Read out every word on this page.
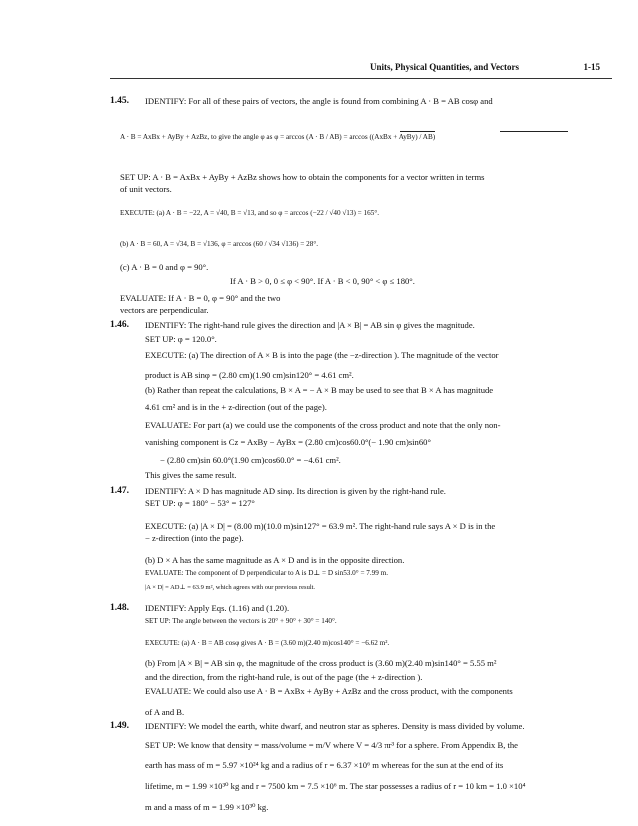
Units, Physical Quantities, and Vectors	1-15
1.45. IDENTIFY: For all of these pairs of vectors, the angle is found from combining A · B = AB cosφ and
A · B = AxBx + AyBy + AzBz, to give the angle φ as φ = arccos (A · B / AB) = arccos ((AxBx + AyBy) / AB)
SET UP: A · B = AxBx + AyBy + AzBz shows how to obtain the components for a vector written in terms
of unit vectors.
EXECUTE: (a) A · B = −22, A = √40, B = √13, and so φ = arccos (−22 / √40 √13) = 165°.
(b) A · B = 60, A = √34, B = √136, φ = arccos (60 / √34 √136) = 28°.
(c) A · B = 0 and φ = 90°.
If A · B > 0, 0 ≤ φ < 90°. If A · B < 0, 90° < φ ≤ 180°.
EVALUATE: If A · B = 0, φ = 90° and the two
vectors are perpendicular.
1.46. IDENTIFY: The right-hand rule gives the direction and |A × B| = AB sin φ gives the magnitude.
SET UP: φ = 120.0°.
EXECUTE: (a) The direction of A × B is into the page (the −z-direction ). The magnitude of the vector
product is AB sinφ = (2.80 cm)(1.90 cm)sin120° = 4.61 cm².
(b) Rather than repeat the calculations, B × A = − A × B may be used to see that B × A has magnitude
4.61 cm² and is in the + z-direction (out of the page).
EVALUATE: For part (a) we could use the components of the cross product and note that the only non-
vanishing component is Cz = AxBy − AyBx = (2.80 cm)cos60.0°(− 1.90 cm)sin60°
− (2.80 cm)sin 60.0°(1.90 cm)cos60.0° = −4.61 cm².
This gives the same result.
1.47. IDENTIFY: A × D has magnitude AD sinφ. Its direction is given by the right-hand rule.
SET UP: φ = 180° − 53° = 127°
EXECUTE: (a) |A × D| = (8.00 m)(10.0 m)sin127° = 63.9 m². The right-hand rule says A × D is in the
− z-direction (into the page).
(b) D × A has the same magnitude as A × D and is in the opposite direction.
EVALUATE: The component of D perpendicular to A is D⊥ = D sin53.0° = 7.99 m.
|A × D| = AD⊥ = 63.9 m², which agrees with our previous result.
1.48. IDENTIFY: Apply Eqs. (1.16) and (1.20).
SET UP: The angle between the vectors is 20° + 90° + 30° = 140°.
EXECUTE: (a) A · B = AB cosφ gives A · B = (3.60 m)(2.40 m)cos140° = −6.62 m².
(b) From |A × B| = AB sin φ, the magnitude of the cross product is (3.60 m)(2.40 m)sin140° = 5.55 m²
and the direction, from the right-hand rule, is out of the page (the + z-direction ).
EVALUATE: We could also use A · B = AxBx + AyBy + AzBz and the cross product, with the components
of A and B.
1.49. IDENTIFY: We model the earth, white dwarf, and neutron star as spheres. Density is mass divided by volume.
SET UP: We know that density = mass/volume = m/V where V = 4/3 πr³ for a sphere. From Appendix B, the
earth has mass of m = 5.97 ×10²⁴ kg and a radius of r = 6.37 ×10⁶ m whereas for the sun at the end of its
lifetime, m = 1.99 ×10³⁰ kg and r = 7500 km = 7.5 ×10⁶ m. The star possesses a radius of r = 10 km = 1.0 ×10⁴
m and a mass of m = 1.99 ×10³⁰ kg.
